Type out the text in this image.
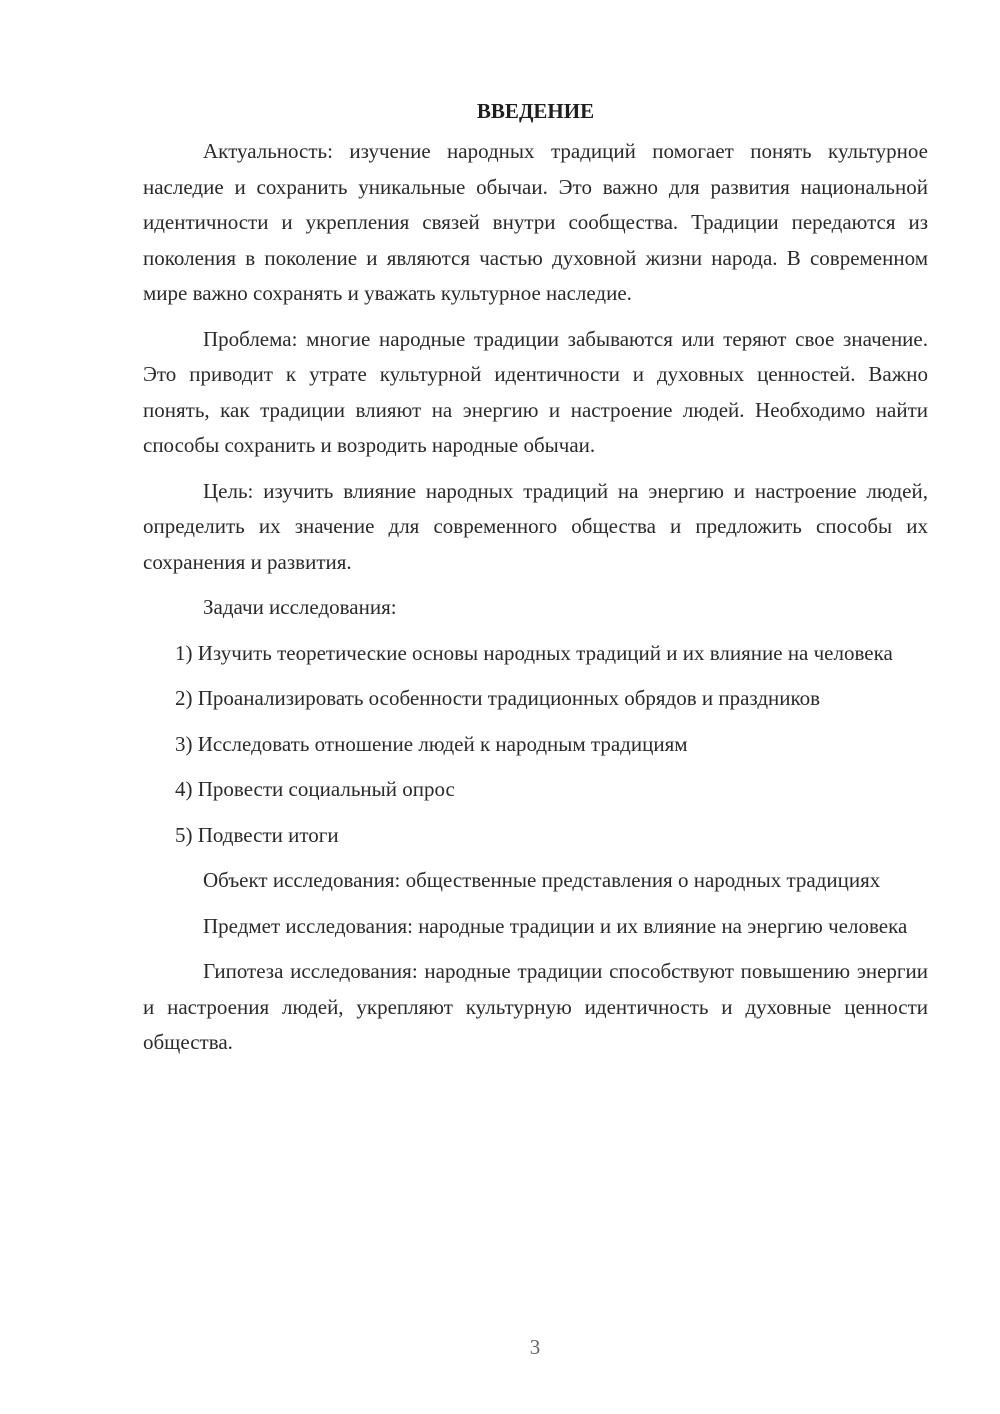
ВВЕДЕНИЕ

Актуальность: изучение народных традиций помогает понять культурное наследие и сохранить уникальные обычаи. Это важно для развития национальной идентичности и укрепления связей внутри сообщества. Традиции передаются из поколения в поколение и являются частью духовной жизни народа. В современном мире важно сохранять и уважать культурное наследие.

Проблема: многие народные традиции забываются или теряют свое значение. Это приводит к утрате культурной идентичности и духовных ценностей. Важно понять, как традиции влияют на энергию и настроение людей. Необходимо найти способы сохранить и возродить народные обычаи.

Цель: изучить влияние народных традиций на энергию и настроение людей, определить их значение для современного общества и предложить способы их сохранения и развития.

Задачи исследования:

1) Изучить теоретические основы народных традиций и их влияние на человека

2) Проанализировать особенности традиционных обрядов и праздников

3) Исследовать отношение людей к народным традициям

4) Провести социальный опрос

5) Подвести итоги

Объект исследования: общественные представления о народных традициях

Предмет исследования: народные традиции и их влияние на энергию человека

Гипотеза исследования: народные традиции способствуют повышению энергии и настроения людей, укрепляют культурную идентичность и духовные ценности общества.

3
